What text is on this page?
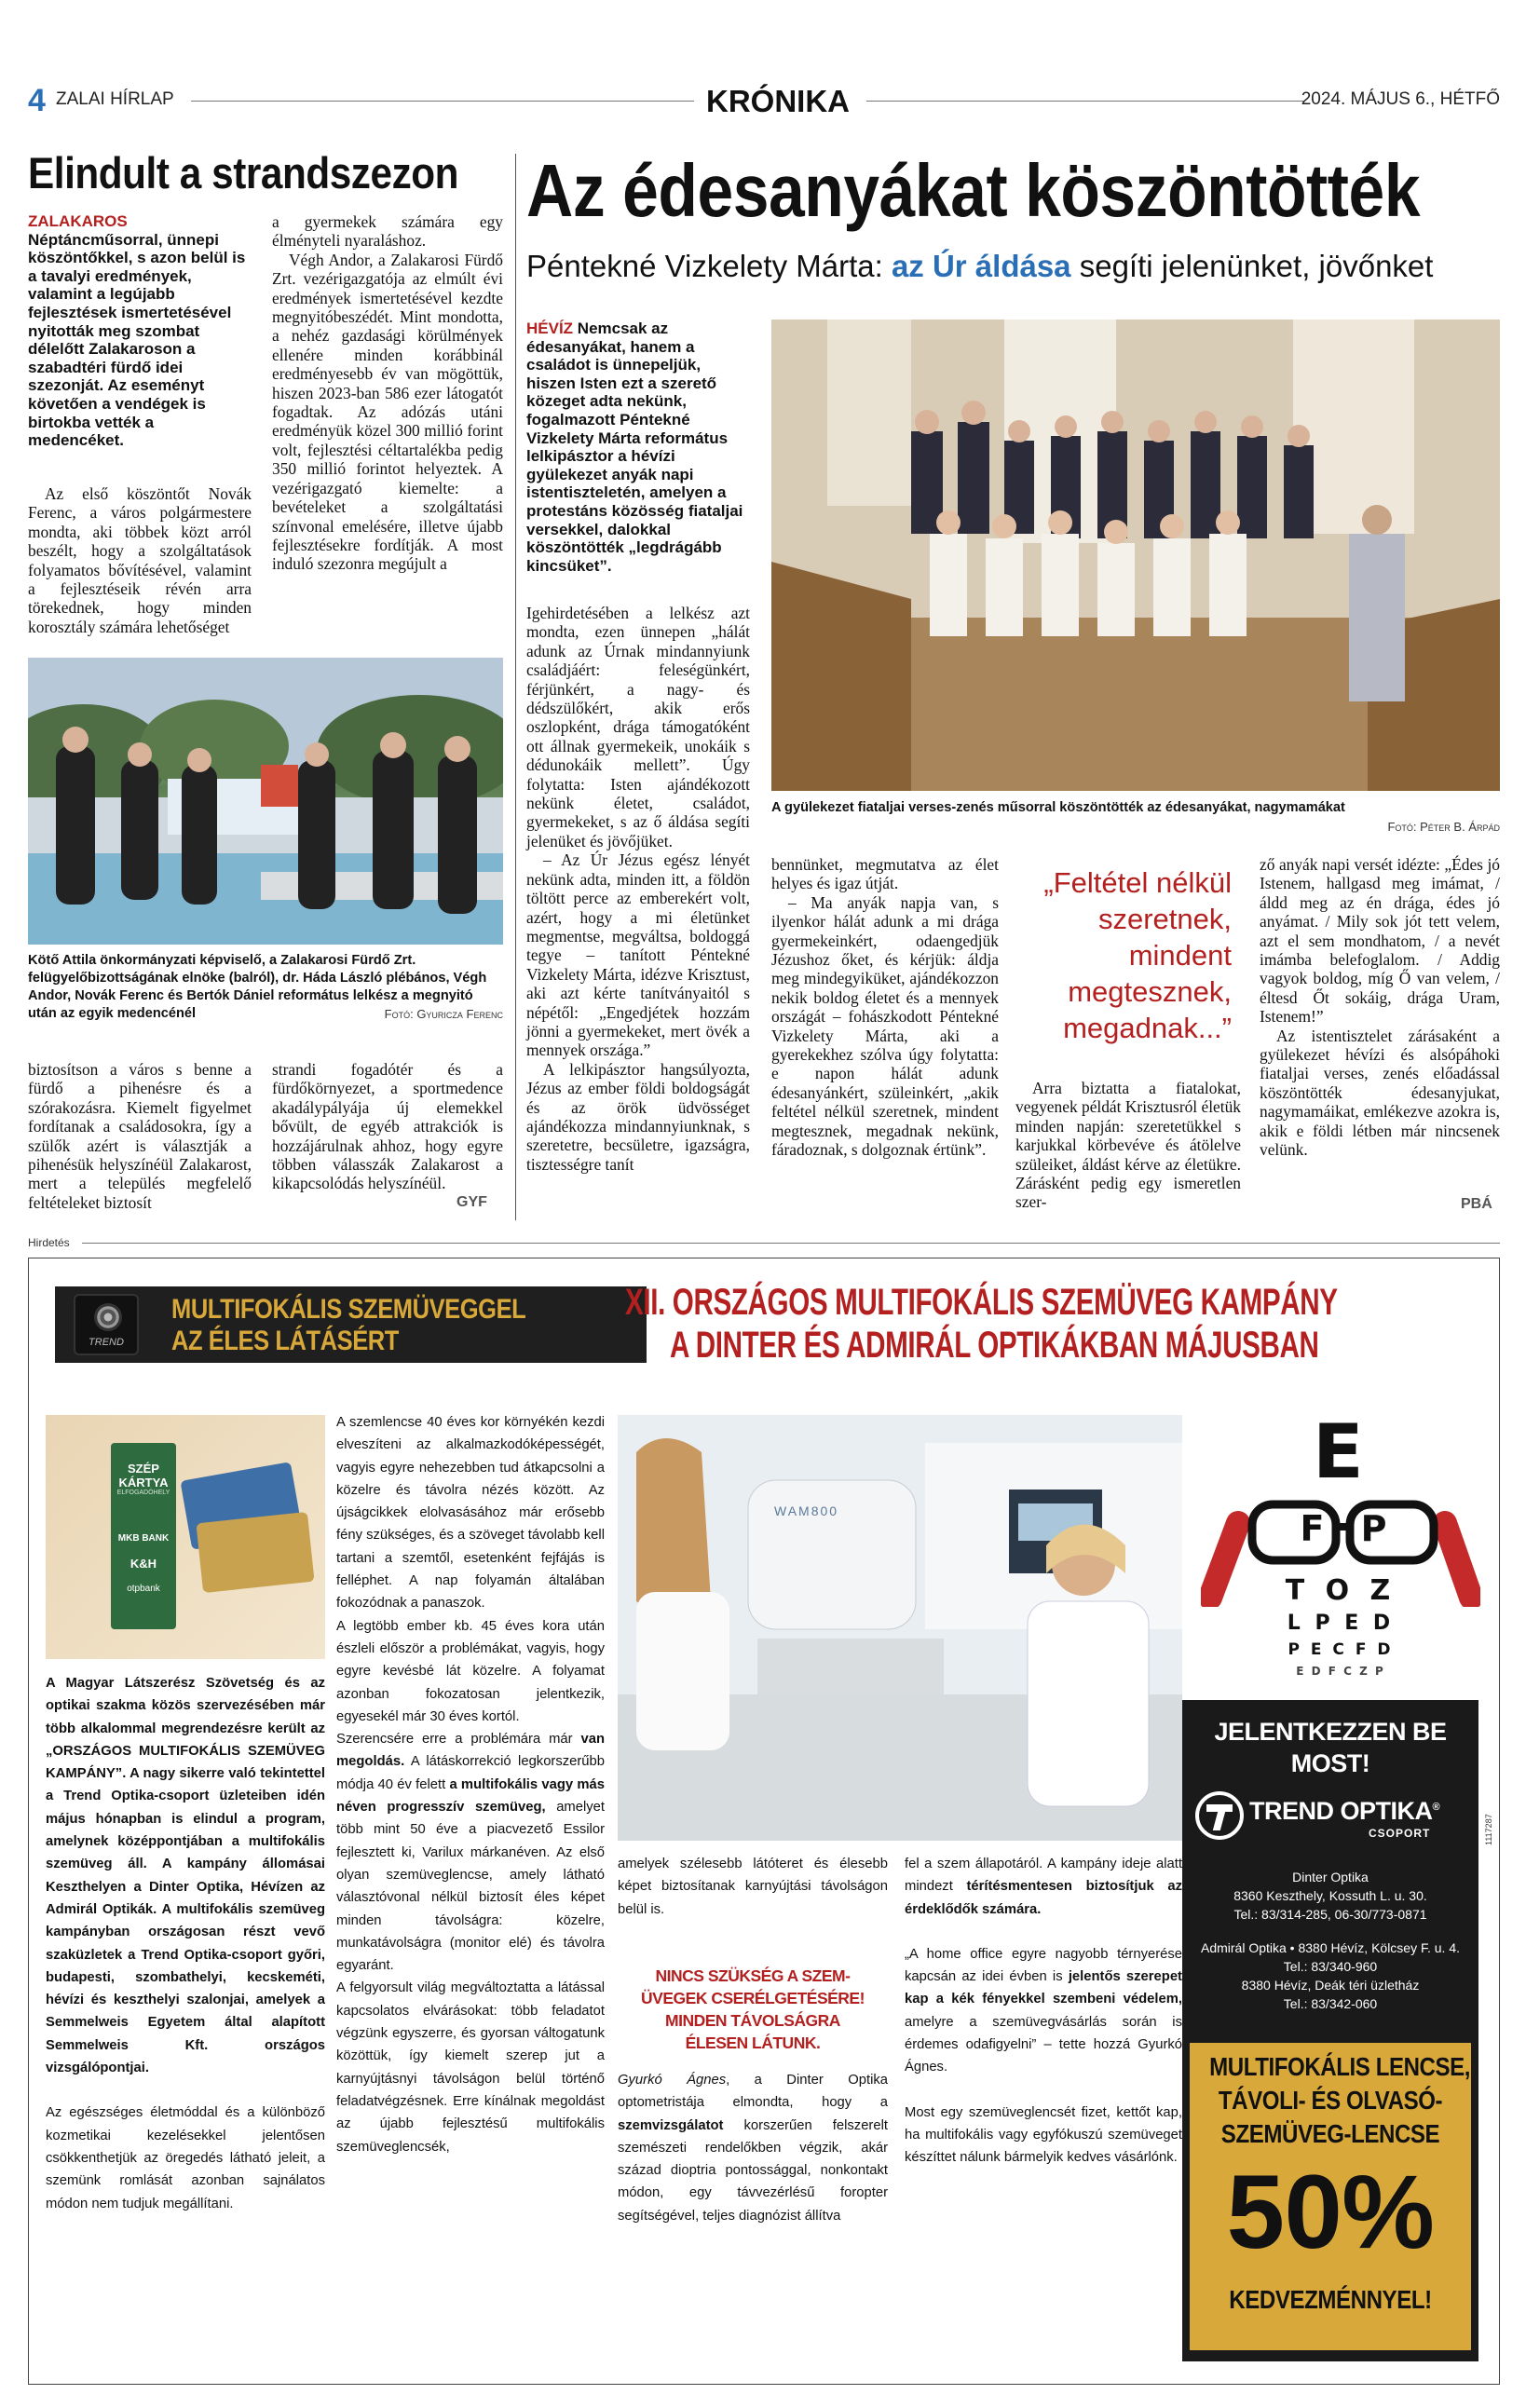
4 ZALAI HÍRLAP	KRÓNIKA	2024. MÁJUS 6., HÉTFŐ
Elindult a strandszezon

ZALAKAROS Néptáncműsorral, ünnepi köszöntőkkel, s azon belül is a tavalyi eredmények, valamint a legújabb fejlesztések ismertetésével nyitották meg szombat délelőtt Zalakaroson a szabadtéri fürdő idei szezonját. Az eseményt követően a vendégek is birtokba vették a medencéket.

Az első köszöntőt Novák Ferenc, a város polgármestere mondta, aki többek közt arról beszélt, hogy a szolgáltatások folyamatos bővítésével, valamint a fejlesztéseik révén arra törekednek, hogy minden korosztály számára lehetőséget

a gyermekek számára egy élményteli nyaraláshoz.

Végh Andor, a Zalakarosi Fürdő Zrt. vezérigazgatója az elmúlt évi eredmények ismertetésével kezdte megnyitóbeszédét. Mint mondotta, a nehéz gazdasági körülmények ellenére minden korábbinál eredményesebb év van mögöttük, hiszen 2023-ban 586 ezer látogatót fogadtak. Az adózás utáni eredményük közel 300 millió forint volt, fejlesztési céltartalékba pedig 350 millió forintot helyeztek. A vezérigazgató kiemelte: a bevételeket a szolgáltatási színvonal emelésére, illetve újabb fejlesztésekre fordítják. A most induló szezonra megújult a

Kötő Attila önkormányzati képviselő, a Zalakarosi Fürdő Zrt. felügyelőbizottságának elnöke (balról), dr. Háda László plébános, Végh Andor, Novák Ferenc és Bertók Dániel református lelkész a megnyitó után az egyik medencénél	Fotó: Gyuricza Ferenc

biztosítson a város s benne a fürdő a pihenésre és a szórakozásra. Kiemelt figyelmet fordítanak a családosokra, így a szülők azért is választják a pihenésük helyszínéül Zalakarost, mert a település megfelelő feltételeket biztosít

strandi fogadótér és a fürdőkörnyezet, a sportmedence akadálypályája új elemekkel bővült, de egyéb attrakciók is hozzájárulnak ahhoz, hogy egyre többen válasszák Zalakarost a kikapcsolódás helyszínéül.

GYF
Az édesanyákat köszöntötték
Péntekné Vizkelety Márta: az Úr áldása segíti jelenünket, jövőnket

HÉVÍZ Nemcsak az édesanyákat, hanem a családot is ünnepeljük, hiszen Isten ezt a szerető közeget adta nekünk, fogalmazott Péntekné Vizkelety Márta református lelkipásztor a hévízi gyülekezet anyák napi istentiszteletén, amelyen a protestáns közösség fiataljai versekkel, dalokkal köszöntötték „legdrágább kincsüket”.

Igehirdetésében a lelkész azt mondta, ezen ünnepen „hálát adunk az Úrnak mindannyiunk családjáért: feleségünkért, férjünkért, a nagy- és dédszülőkért, akik erős oszlopként, drága támogatóként ott állnak gyermekeik, unokáik s dédunokáik mellett”. Úgy folytatta: Isten ajándékozott nekünk életet, családot, gyermekeket, s az ő áldása segíti jelenüket és jövőjüket.

– Az Úr Jézus egész lényét nekünk adta, minden itt, a földön töltött perce az emberekért volt, azért, hogy a mi életünket megmentse, megváltsa, boldoggá tegye – tanított Péntekné Vizkelety Márta, idézve Krisztust, aki azt kérte tanítványaitól s népétől: „Engedjétek hozzám jönni a gyermekeket, mert övék a mennyek országa.”

A lelkipásztor hangsúlyozta, Jézus az ember földi boldogságát és az örök üdvösséget ajándékozza mindannyiunknak, s szeretetre, becsületre, igazságra, tisztességre tanít

A gyülekezet fiataljai verses-zenés műsorral köszöntötték az édesanyákat, nagymamákat
Fotó: Péter B. Árpád

bennünket, megmutatva az élet helyes és igaz útját.

– Ma anyák napja van, s ilyenkor hálát adunk a mi drága gyermekeinkért, odaengedjük Jézushoz őket, és kérjük: áldja meg mindegyiküket, ajándékozzon nekik boldog életet és a mennyek országát – fohászkodott Péntekné Vizkelety Márta, aki a gyerekekhez szólva úgy folytatta: e napon hálát adunk édesanyánkért, szüleinkért, „akik feltétel nélkül szeretnek, mindent megtesznek, megadnak nekünk, fáradoznak, s dolgoznak értünk”.

„Feltétel nélkül szeretnek, mindent megtesznek, megadnak...”

Arra biztatta a fiatalokat, vegyenek példát Krisztusról életük minden napján: szeretetükkel s karjukkal körbevéve és átölelve szüleiket, áldást kérve az életükre. Zárásként pedig egy ismeretlen szer-

ző anyák napi versét idézte: „Édes jó Istenem, hallgasd meg imámat, / áldd meg az én drága, édes jó anyámat. / Mily sok jót tett velem, azt el sem mondhatom, / a nevét imámba belefoglalom. / Addig vagyok boldog, míg Ő van velem, / éltesd Őt sokáig, drága Uram, Istenem!”

Az istentisztelet zárásaként a gyülekezet hévízi és alsópáhoki fiataljai verses, zenés előadással köszöntötték édesanyjukat, nagymamáikat, emlékezve azokra is, akik e földi létben már nincsenek velünk.

PBÁ
Hirdetés
TREND
MULTIFOKÁLIS SZEMÜVEGGEL
AZ ÉLES LÁTÁSÉRT
XII. ORSZÁGOS MULTIFOKÁLIS SZEMÜVEG KAMPÁNY
A DINTER ÉS ADMIRÁL OPTIKÁKBAN MÁJUSBAN
SZÉP KÁRTYA
ELFOGADÓHELY
MKB BANK
K&H
otpbank

A Magyar Látszerész Szövetség és az optikai szakma közös szervezésében már több alkalommal megrendezésre került az „ORSZÁGOS MULTIFOKÁLIS SZEMÜVEG KAMPÁNY”. A nagy sikerre való tekintettel a Trend Optika-csoport üzleteiben idén május hónapban is elindul a program, amelynek középpontjában a multifokális szemüveg áll. A kampány állomásai Keszthelyen a Dinter Optika, Hévízen az Admirál Optikák. A multifokális szemüveg kampányban országosan részt vevő szaküzletek a Trend Optika-csoport győri, budapesti, szombathelyi, kecskeméti, hévízi és keszthelyi szalonjai, amelyek a Semmelweis Egyetem által alapított Semmelweis Kft. országos vizsgálópontjai.

Az egészséges életmóddal és a különböző kozmetikai kezelésekkel jelentősen csökkenthetjük az öregedés látható jeleit, a szemünk romlását azonban sajnálatos módon nem tudjuk megállítani.

A szemlencse 40 éves kor környékén kezdi elveszíteni az alkalmazkodóképességét, vagyis egyre nehezebben tud átkapcsolni a közelre és távolra nézés között. Az újságcikkek elolvasásához már erősebb fény szükséges, és a szöveget távolabb kell tartani a szemtől, esetenként fejfájás is felléphet. A nap folyamán általában fokozódnak a panaszok.

A legtöbb ember kb. 45 éves kora után észleli először a problémákat, vagyis, hogy egyre kevésbé lát közelre. A folyamat azonban fokozatosan jelentkezik, egyesekél már 30 éves kortól.

Szerencsére erre a problémára már van megoldás. A látáskorrekció legkorszerűbb módja 40 év felett a multifokális vagy más néven progresszív szemüveg, amelyet több mint 50 éve a piacvezető Essilor fejlesztett ki, Varilux márkanéven. Az első olyan szemüveglencse, amely látható választóvonal nélkül biztosít éles képet minden távolságra: közelre, munkatávolságra (monitor elé) és távolra egyaránt.

A felgyorsult világ megváltoztatta a látással kapcsolatos elvárásokat: több feladatot végzünk egyszerre, és gyorsan váltogatunk közöttük, így kiemelt szerep jut a karnyújtásnyi távolságon belül történő feladatvégzésnek. Erre kínálnak megoldást az újabb fejlesztésű multifokális szemüveglencsék,

WAM800

amelyek szélesebb látóteret és élesebb képet biztosítanak karnyújtási távolságon belül is.

NINCS SZÜKSÉG A SZEM-
ÜVEGEK CSERÉLGETÉSÉRE!
MINDEN TÁVOLSÁGRA
ÉLESEN LÁTUNK.

Gyurkó Ágnes, a Dinter Optika optometristája elmondta, hogy a szemvizsgálatot korszerűen felszerelt szemészeti rendelőkben végzik, akár század dioptria pontossággal, nonkontakt módon, egy távvezérlésű foropter segítségével, teljes diagnózist állítva

fel a szem állapotáról. A kampány ideje alatt mindezt térítésmentesen biztosítjuk az érdeklődők számára.

„A home office egyre nagyobb térnyerése kapcsán az idei évben is jelentős szerepet kap a kék fényekkel szembeni védelem, amelyre a szemüvegvásárlás során is érdemes odafigyelni” – tette hozzá Gyurkó Ágnes.

Most egy szemüveglencsét fizet, kettőt kap, ha multifokális vagy egyfókuszú szemüveget készíttet nálunk bármelyik kedves vásárlónk.

E
F P
T O Z
L P E D
P E C F D
E D F C Z P
JELENTKEZZEN BE
MOST!
TREND OPTIKA®
CSOPORT
Dinter Optika
8360 Keszthely, Kossuth L. u. 30.
Tel.: 83/314-285, 06-30/773-0871
Admirál Optika • 8380 Hévíz, Kölcsey F. u. 4.
Tel.: 83/340-960
8380 Hévíz, Deák téri üzletház
Tel.: 83/342-060
MULTIFOKÁLIS LENCSE,
TÁVOLI- ÉS OLVASÓ-
SZEMÜVEG-LENCSE
50%
KEDVEZMÉNNYEL!
1117287
